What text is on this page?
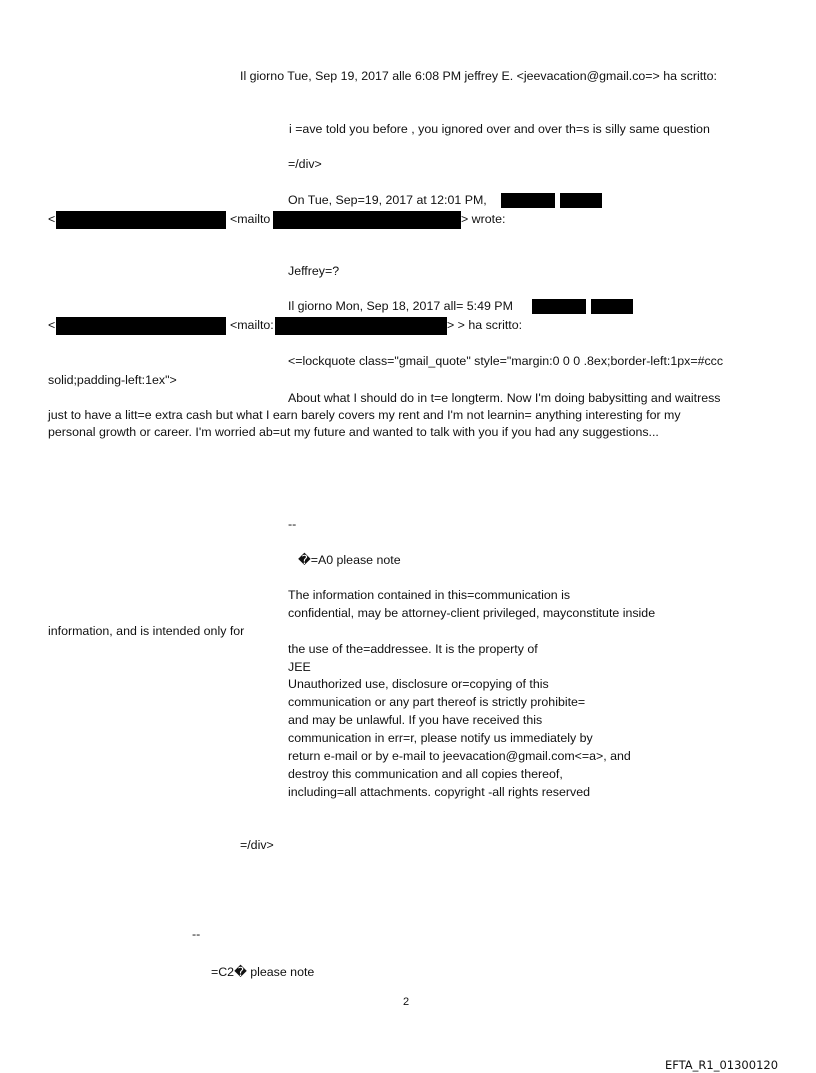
Il giorno Tue, Sep 19, 2017 alle 6:08 PM jeffrey E. <jeevacation@gmail.co=> ha scritto:
i =ave told you before , you ignored over and over th=s is silly same question
=/div>
On Tue, Sep=19, 2017 at 12:01 PM,
<	<mailto	> wrote:
Jeffrey=?
Il giorno Mon, Sep 18, 2017 all= 5:49 PM
<	<mailto:	> > ha scritto:
<=lockquote class="gmail_quote" style="margin:0 0 0 .8ex;border-left:1px=#ccc
solid;padding-left:1ex">
About what I should do in t=e longterm. Now I'm doing babysitting and waitress
just to have a litt=e extra cash but what I earn barely covers my rent and I'm not learnin= anything interesting for my
personal growth or career. I'm worried ab=ut my future and wanted to talk with you if you had any suggestions...
--
�=A0 please note
The information contained in this=communication is
confidential, may be attorney-client privileged, mayconstitute inside
information, and is intended only for
the use of the=addressee. It is the property of
JEE
Unauthorized use, disclosure or=copying of this
communication or any part thereof is strictly prohibite=
and may be unlawful. If you have received this
communication in err=r, please notify us immediately by
return e-mail or by e-mail to jeevacation@gmail.com<=a>, and
destroy this communication and all copies thereof,
including=all attachments. copyright -all rights reserved
=/div>
--
=C2� please note
2
EFTA_R1_01300120
